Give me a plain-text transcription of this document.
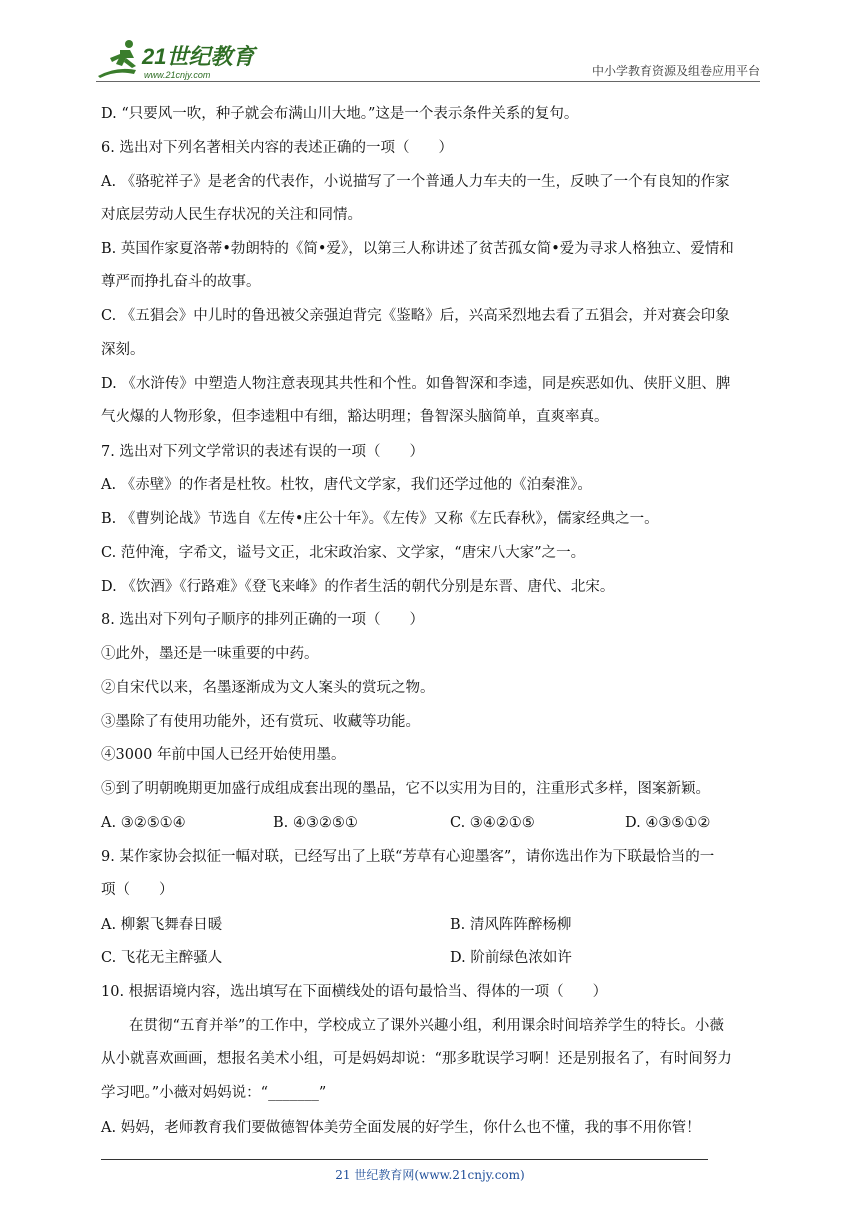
21世纪教育
www.21cnjy.com	中小学教育资源及组卷应用平台
D. “只要风一吹，种子就会布满山川大地。”这是一个表示条件关系的复句。
6. 选出对下列名著相关内容的表述正确的一项（　　）
A. 《骆驼祥子》是老舍的代表作，小说描写了一个普通人力车夫的一生，反映了一个有良知的作家
对底层劳动人民生存状况的关注和同情。
B. 英国作家夏洛蒂•勃朗特的《简•爱》，以第三人称讲述了贫苦孤女简•爱为寻求人格独立、爱情和
尊严而挣扎奋斗的故事。
C. 《五猖会》中儿时的鲁迅被父亲强迫背完《鉴略》后，兴高采烈地去看了五猖会，并对赛会印象
深刻。
D. 《水浒传》中塑造人物注意表现其共性和个性。如鲁智深和李逵，同是疾恶如仇、侠肝义胆、脾
气火爆的人物形象，但李逵粗中有细，豁达明理；鲁智深头脑简单，直爽率真。
7. 选出对下列文学常识的表述有误的一项（　　）
A. 《赤壁》的作者是杜牧。杜牧，唐代文学家，我们还学过他的《泊秦淮》。
B. 《曹刿论战》节选自《左传•庄公十年》。《左传》又称《左氏春秋》，儒家经典之一。
C. 范仲淹，字希文，谥号文正，北宋政治家、文学家，“唐宋八大家”之一。
D. 《饮酒》《行路难》《登飞来峰》的作者生活的朝代分别是东晋、唐代、北宋。
8. 选出对下列句子顺序的排列正确的一项（　　）
①此外，墨还是一味重要的中药。
②自宋代以来，名墨逐渐成为文人案头的赏玩之物。
③墨除了有使用功能外，还有赏玩、收藏等功能。
④3000 年前中国人已经开始使用墨。
⑤到了明朝晚期更加盛行成组成套出现的墨品，它不以实用为目的，注重形式多样，图案新颖。
A. ③②⑤①④	B. ④③②⑤①	C. ③④②①⑤	D. ④③⑤①②
9. 某作家协会拟征一幅对联，已经写出了上联“芳草有心迎墨客”，请你选出作为下联最恰当的一
项（　　）
A. 柳絮飞舞春日暖	B. 清风阵阵醉杨柳
C. 飞花无主醉骚人	D. 阶前绿色浓如许
10. 根据语境内容，选出填写在下面横线处的语句最恰当、得体的一项（　　）
在贯彻“五育并举”的工作中，学校成立了课外兴趣小组，利用课余时间培养学生的特长。小薇
从小就喜欢画画，想报名美术小组，可是妈妈却说：“那多耽误学习啊！还是别报名了，有时间努力
学习吧。”小薇对妈妈说：“_______”
A. 妈妈，老师教育我们要做德智体美劳全面发展的好学生，你什么也不懂，我的事不用你管！
21 世纪教育网(www.21cnjy.com)
